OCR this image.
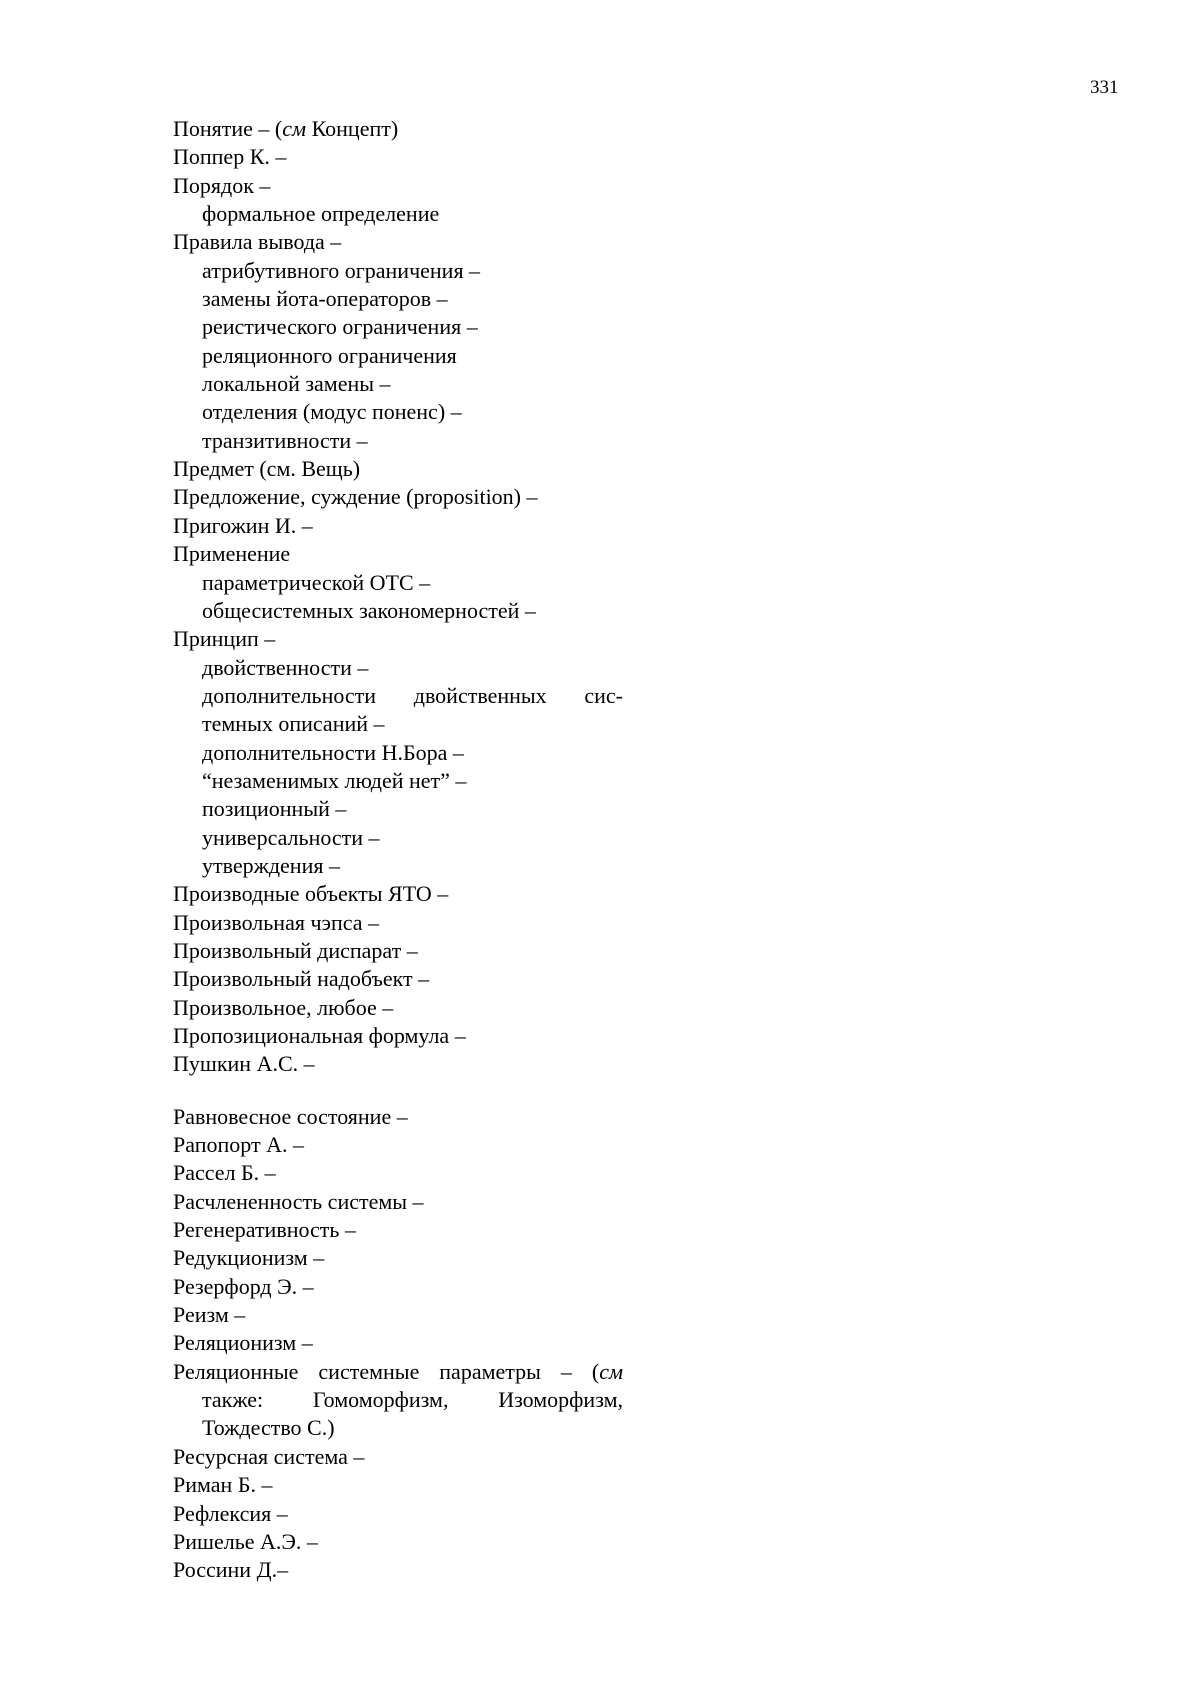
331
Понятие – (см Концепт)
Поппер К. –
Порядок –
формальное определение
Правила вывода –
атрибутивного ограничения –
замены йота-операторов –
реистического ограничения –
реляционного ограничения
локальной замены –
отделения (модус поненс) –
транзитивности –
Предмет (см. Вещь)
Предложение, суждение (proposition) –
Пригожин И. –
Применение
параметрической ОТС –
общесистемных закономерностей –
Принцип –
двойственности –
дополнительности двойственных сис-
темных описаний –
дополнительности Н.Бора –
“незаменимых людей нет” –
позиционный –
универсальности –
утверждения –
Производные объекты ЯТО –
Произвольная чэпса –
Произвольный диспарат –
Произвольный надобъект –
Произвольное, любое –
Пропозициональная формула –
Пушкин А.С. –
Равновесное состояние –
Рапопорт А. –
Рассел Б. –
Расчлененность системы –
Регенеративность –
Редукционизм –
Резерфорд Э. –
Реизм –
Реляционизм –
Реляционные системные параметры – (см
также: Гомоморфизм, Изоморфизм,
Тождество С.)
Ресурсная система –
Риман Б. –
Рефлексия –
Ришелье А.Э. –
Россини Д.–
